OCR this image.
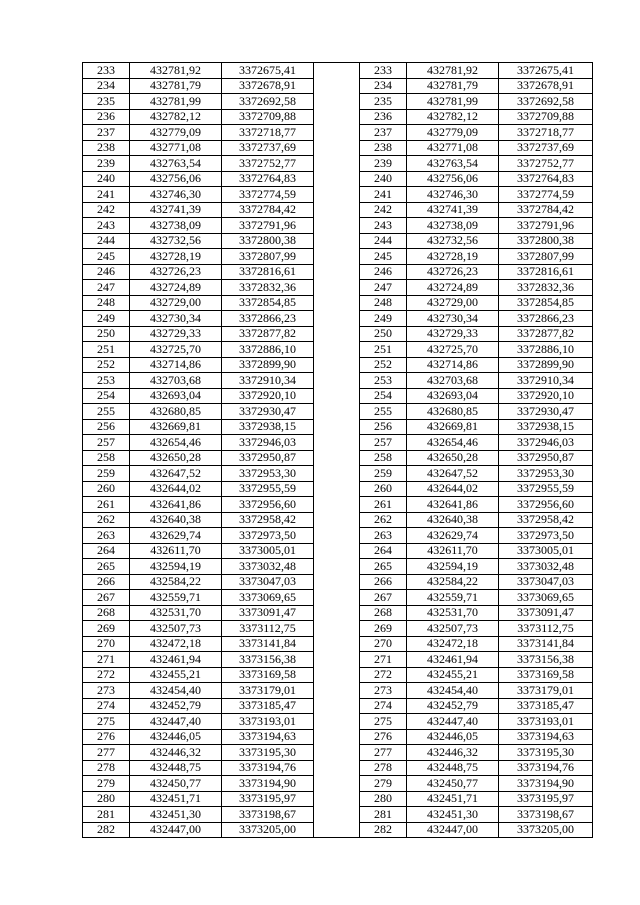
233	432781,92	3372675,41		233	432781,92	3372675,41
234	432781,79	3372678,91		234	432781,79	3372678,91
235	432781,99	3372692,58		235	432781,99	3372692,58
236	432782,12	3372709,88		236	432782,12	3372709,88
237	432779,09	3372718,77		237	432779,09	3372718,77
238	432771,08	3372737,69		238	432771,08	3372737,69
239	432763,54	3372752,77		239	432763,54	3372752,77
240	432756,06	3372764,83		240	432756,06	3372764,83
241	432746,30	3372774,59		241	432746,30	3372774,59
242	432741,39	3372784,42		242	432741,39	3372784,42
243	432738,09	3372791,96		243	432738,09	3372791,96
244	432732,56	3372800,38		244	432732,56	3372800,38
245	432728,19	3372807,99		245	432728,19	3372807,99
246	432726,23	3372816,61		246	432726,23	3372816,61
247	432724,89	3372832,36		247	432724,89	3372832,36
248	432729,00	3372854,85		248	432729,00	3372854,85
249	432730,34	3372866,23		249	432730,34	3372866,23
250	432729,33	3372877,82		250	432729,33	3372877,82
251	432725,70	3372886,10		251	432725,70	3372886,10
252	432714,86	3372899,90		252	432714,86	3372899,90
253	432703,68	3372910,34		253	432703,68	3372910,34
254	432693,04	3372920,10		254	432693,04	3372920,10
255	432680,85	3372930,47		255	432680,85	3372930,47
256	432669,81	3372938,15		256	432669,81	3372938,15
257	432654,46	3372946,03		257	432654,46	3372946,03
258	432650,28	3372950,87		258	432650,28	3372950,87
259	432647,52	3372953,30		259	432647,52	3372953,30
260	432644,02	3372955,59		260	432644,02	3372955,59
261	432641,86	3372956,60		261	432641,86	3372956,60
262	432640,38	3372958,42		262	432640,38	3372958,42
263	432629,74	3372973,50		263	432629,74	3372973,50
264	432611,70	3373005,01		264	432611,70	3373005,01
265	432594,19	3373032,48		265	432594,19	3373032,48
266	432584,22	3373047,03		266	432584,22	3373047,03
267	432559,71	3373069,65		267	432559,71	3373069,65
268	432531,70	3373091,47		268	432531,70	3373091,47
269	432507,73	3373112,75		269	432507,73	3373112,75
270	432472,18	3373141,84		270	432472,18	3373141,84
271	432461,94	3373156,38		271	432461,94	3373156,38
272	432455,21	3373169,58		272	432455,21	3373169,58
273	432454,40	3373179,01		273	432454,40	3373179,01
274	432452,79	3373185,47		274	432452,79	3373185,47
275	432447,40	3373193,01		275	432447,40	3373193,01
276	432446,05	3373194,63		276	432446,05	3373194,63
277	432446,32	3373195,30		277	432446,32	3373195,30
278	432448,75	3373194,76		278	432448,75	3373194,76
279	432450,77	3373194,90		279	432450,77	3373194,90
280	432451,71	3373195,97		280	432451,71	3373195,97
281	432451,30	3373198,67		281	432451,30	3373198,67
282	432447,00	3373205,00		282	432447,00	3373205,00
